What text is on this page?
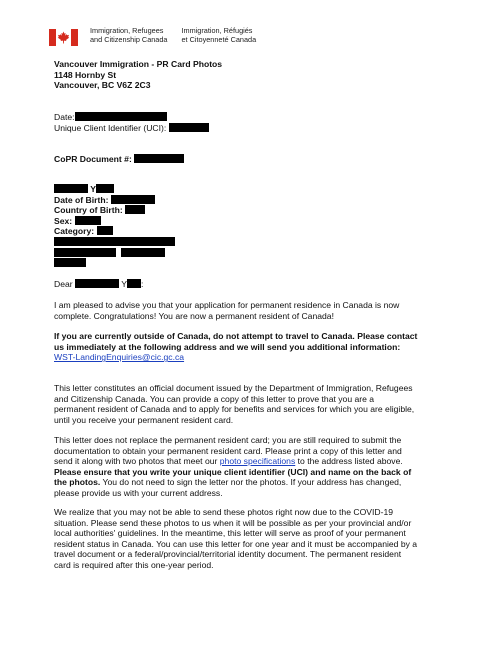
Immigration, Refugees
and Citizenship Canada
Immigration, Réfugiés
et Citoyenneté Canada
Vancouver Immigration - PR Card Photos
1148 Hornby St
Vancouver, BC V6Z 2C3
Date:
Unique Client Identifier (UCI):
CoPR Document #:
Y
Date of Birth:
Country of Birth:
Sex:
Category:

Dear	Y :
I am pleased to advise you that your application for permanent residence in Canada is now
complete. Congratulations! You are now a permanent resident of Canada!
If you are currently outside of Canada, do not attempt to travel to Canada. Please contact
us immediately at the following address and we will send you additional information:
WST-LandingEnquiries@cic.gc.ca
This letter constitutes an official document issued by the Department of Immigration, Refugees
and Citizenship Canada. You can provide a copy of this letter to prove that you are a
permanent resident of Canada and to apply for benefits and services for which you are eligible,
until you receive your permanent resident card.
This letter does not replace the permanent resident card; you are still required to submit the
documentation to obtain your permanent resident card. Please print a copy of this letter and
send it along with two photos that meet our photo specifications to the address listed above.
Please ensure that you write your unique client identifier (UCI) and name on the back of
the photos. You do not need to sign the letter nor the photos. If your address has changed,
please provide us with your current address.
We realize that you may not be able to send these photos right now due to the COVID-19
situation. Please send these photos to us when it will be possible as per your provincial and/or
local authorities' guidelines. In the meantime, this letter will serve as proof of your permanent
resident status in Canada. You can use this letter for one year and it must be accompanied by a
travel document or a federal/provincial/territorial identity document. The permanent resident
card is required after this one-year period.
